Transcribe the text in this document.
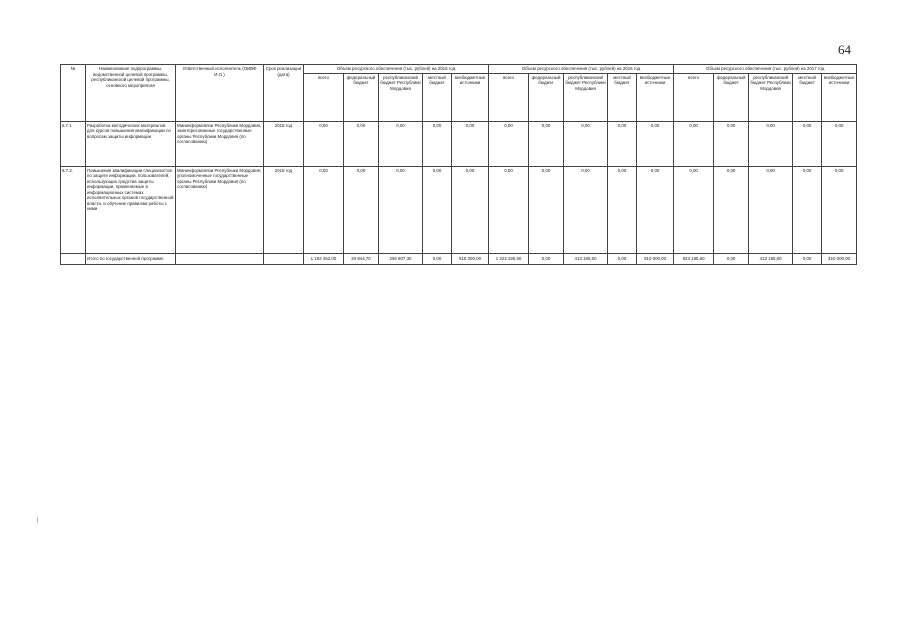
64
№	Наименование подпрограммы, ведомственной целевой программы, республиканской целевой программы, основного мероприятия	Ответственный исполнитель (ОИВФ И.О.)	Срок реализации (дата)	Объем ресурсного обеспечения (тыс. рублей) на 2015 год					Объем ресурсного обеспечения (тыс. рублей) на 2016 год					Объем ресурсного обеспечения (тыс. рублей) на 2017 год				
				всего	федеральный бюджет	республиканский бюджет Республики Мордовия	местный бюджет	внебюджетные источники	всего	федеральный бюджет	республиканский бюджет Республики Мордовия	местный бюджет	внебюджетные источники	всего	федеральный бюджет	республиканский бюджет Республики Мордовия	местный бюджет	внебюджетные источники
6.7.1	Разработка методических материалов для курсов повышения квалификации по вопросам защиты информации	Мининформсвязи Республики Мордовия, заинтересованные государственные органы Республики Мордовия (по согласованию)	2018 год	0,00	0,00	0,00	0,00	0,00	0,00	0,00	0,00	0,00	0,00	0,00	0,00	0,00	0,00	0,00
6.7.2.	Повышение квалификации специалистов по защите информации, пользователей, использующих средства защиты информации, применяемые в информационных системах исполнительных органов государственной власти, и обучение правилам работы с ними	Мининформсвязи Республики Мордовия, уполномоченные государственные органы Республики Мордовия (по согласованию)	2018 год	0,00	0,00	0,00	0,00	0,00	0,00	0,00	0,00	0,00	0,00	0,00	0,00	0,00	0,00	0,00
	Итого по государственной программе			1 192 452,00	20 844,70	256 907,30	0,00	915 000,00	1 323 195,60	0,00	413 195,60	0,00	910 000,00	823 195,60	0,00	413 195,60	0,00	410 000,00
